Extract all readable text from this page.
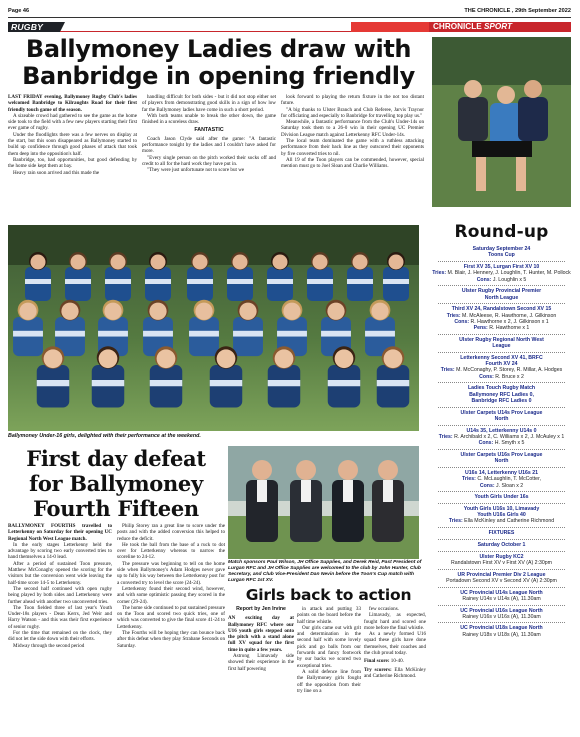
Page 46	THE CHRONICLE , 29th September 2022
RUGBY	CHRONICLE SPORT
Ballymoney Ladies draw with Banbridge in opening friendly

LAST FRIDAY evening, Ballymoney Rugby Club's ladies welcomed Banbridge to Kilraughts Road for their first friendly touch game of the season.

A sizeable crowd had gathered to see the game as the home side took to the field with a few new players starting their first ever game of rugby.

Under the floodlights there was a few nerves on display at the start, but this soon disappeared as Ballymoney started to build up confidence through good phases of attack that took them deep into the opposition's half.

Banbridge, too, had opportunities, but good defending by the home side kept them at bay.

Heavy rain soon arrived and this made the

handling difficult for both sides - but it did not stop either set of players from demonstrating good skills in a sign of how low far the Ballymoney ladies have come in such a short period.

With both teams unable to break the other down, the game finished in a scoreless draw.

FANTASTIC

Coach Jason Clyde said after the game: "A fantastic performance tonight by the ladies and I couldn't have asked for more.

"Every single person on the pitch worked their socks off and credit to all for the hard work they have put in.

"They were just unfortunate not to score but we

look forward to playing the return fixture in the not too distant future.

"A big thanks to Ulster Branch and Club Referee, Jarvis Traynor for officiating and especially to Banbridge for travelling top play us."

Meanwhile, a fantastic performance from the Club's Under-14s on Saturday took them to a 26-0 win in their opening UC Premier Division League match against Letterkenny RFC Under-14s.

The local team dominated the game with a ruthless attacking performance from their back line as they outscored their opponents by five converted tries to nil.

All 19 of the Toon players can be commended, however, special mention must go to Joel Sloan and Charlie Williams.

Ballymoney Under-16 girls, delighted with their performance at the weekend.
First day defeat for Ballymoney Fourth Fifteen

BALLYMONEY FOURTHS travelled to Letterkenny on Saturday for their opening UC Regional North West League match.

In the early stages Letterkenny held the advantage by scoring two early converted tries to hand themselves a 14-0 lead.

After a period of sustained Toon pressure, Matthew McConaghy opened the scoring for the visitors but the conversion went wide leaving the half-time score 14-5 to Letterkenny.

The second half continued with open rugby being played by both sides and Letterkenny were further ahead with another two unconverted tries.

The Toon fielded three of last year's Youth Under-18s players - Dean Kerrs, Jed Weir and Harry Watson - and this was their first experience of senior rugby.

For the time that remained on the clock, they did not let the side down with their efforts.

Midway through the second period

Philip Storey ran a great line to score under the posts and with the added conversion this helped to reduce the deficit.

He took the ball from the base of a ruck to dot over for Letterkenny whereas to narrow the scoreline to 24-12.

The pressure was beginning to tell on the home side when Ballymoney's Adam Hodges never gave up to fully his way between the Letterkenny post for a converted try to level the score (24-24).

Letterkenny found their second wind, however, and with some optimistic passing they scored in the corner (29-24).

The home side continued to put sustained pressure on the Toon and scored two quick tries, one of which was converted to give the final score 41-24 to Letterkenny.

The Fourths will be hoping they can bounce back after this defeat when they play Strabane Seconds on Saturday.

Match sponsors Paul Wilson, JH Office Supplies, and Derek Reid, Past President of Lurgan RFC and JH Office Supplies are welcomed to the club by John Hunter, Club Secretary, and Club Vice-President Dan Nevin before the Toon's Cup match with Lurgan RFC 1st XV.
Girls back to action
Report by Jen Irvine

AN exciting day at Ballymoney RFC where our U16 youth girls stepped onto the pitch with a stand alone full XV squad for the first time in quite a few years.

Astrong Limavady side showed their experience in the first half powering

in attack and putting 33 points on the board before the half time whistle.

Our girls came out with grit and determination in the second half with some lovely pick and go balls from our forwards and fancy footwork by our backs we scored two exceptional tries.

A solid defence line from the Ballymoney girls fought off the opposition from their try line on a

few occasions.

Limavady, as expected, fought hard and scored one more before the final whistle.

As a newly formed U16 squad these girls have done themselves, their coaches and the club proud today.

Final score: 10-40.

Try scorers: Ella McKinley and Catherine Richmond.

Round-up
Saturday September 24
Toons Cup
First XV 35, Lurgan First XV 10
Tries: M. Blair, J. Hennery, J. Loughlin, T. Hunter, M. Pollock
Cons: J. Loughlin x 5
Ulster Rugby Provincial Premier
North League
Third XV 24, Randalstown Second XV 15
Tries: M. McAleese, R. Hawthorne, J. Gilkinson
Cons: R. Hawthorne x 2, J. Gilkinson x 1
Pens: R. Hawthorne x 1
Ulster Rugby Regional North West
League
Letterkenny Second XV 41, BRFC
Fourth XV 24
Tries: M. McConaghy, P. Storey, R. Millar, A. Hodges
Cons: R. Bruce x 2
Ladies Touch Rugby Match
Ballymoney RFC Ladies 0,
Banbridge RFC Ladies 0
Ulster Carpets U14s Prov League
North
U14s 35, Letterkenny U14s 0
Tries: R. Archibald x 2, C. Williams x 2, J. McAuley x 1
Cons: H. Smyth x 5
Ulster Carpets U16s Prov League
North
U16s 14, Letterkenny U16s 21
Tries: C. McLaughlin, T. McCotter,
Cons: J. Sloan x 2
Youth Girls Under 16s
Youth Girls U16s 10, Limavady
Youth U16s Girls 40
Tries: Ella McKinley and Catherine Richmond
FIXTURES
Saturday October 1
Ulster Rugby KC2
Randalstown First XV v First XV (A) 2:30pm
UR Provincial Premier Div 2 League
Portadown Second XV v Second XV (A) 2:30pm
UC Provincial U14s League North
Rainey U14s v U14s (A), 11.30am
UC Provincial U16s League North
Rainey U16s v U16s (A), 11.30am
UC Provincial U18s League North
Rainey U18s v U18s (A), 11.30am
